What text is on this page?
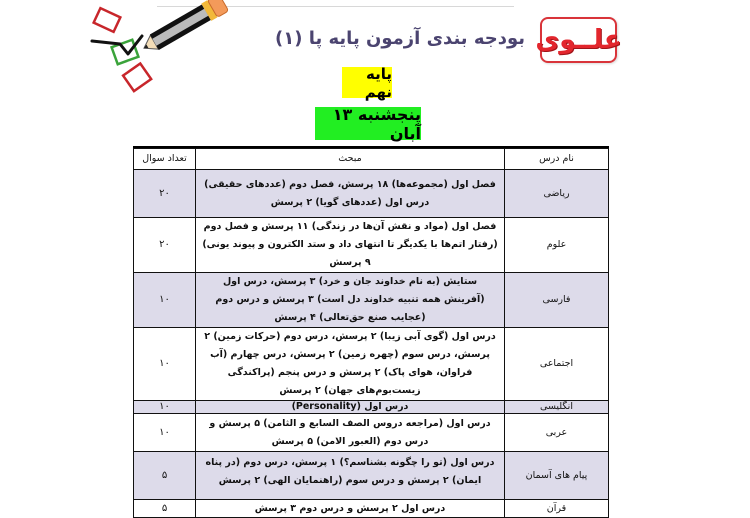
علــوی
بودجه بندی آزمون پایه پا (۱)
پایه نهم
پنجشنبه ۱۳ آبان
نام درس	مبحث	تعداد سوال
ریاضی	فصل اول (مجموعه‌ها) ۱۸ پرسش، فصل دوم (عددهای حقیقی) درس اول (عددهای گویا) ۲ پرسش	۲۰
علوم	فصل اول (مواد و نقش آن‌ها در زندگی) ۱۱ پرسش و فصل دوم (رفتار اتم‌ها با یکدیگر تا انتهای داد و ستد الکترون و پیوند یونی) ۹ پرسش	۲۰
فارسی	ستایش (به نام خداوند جان و خرد) ۳ پرسش، درس اول (آفرینش همه تنبیه خداوند دل است) ۳ پرسش و درس دوم (عجایب صنع حق‌تعالی) ۴ پرسش	۱۰
اجتماعی	درس اول (گوی آبی زیبا) ۲ پرسش، درس دوم (حرکات زمین) ۲ پرسش، درس سوم (چهره زمین) ۲ پرسش، درس چهارم (آب فراوان، هوای پاک) ۲ پرسش و درس پنجم (پراکندگی زیست‌بوم‌های جهان) ۲ پرسش	۱۰
انگلیسی	درس اول (Personality)	۱۰
عربی	درس اول (مراجعه دروس الصف السابع و الثامن) ۵ پرسش و درس دوم (العبور الامن) ۵ پرسش	۱۰
پیام های آسمان	درس اول (تو را چگونه بشناسم؟) ۱ پرسش، درس دوم (در پناه ایمان) ۲ پرسش و درس سوم (راهنمایان الهی) ۲ پرسش	۵
قرآن	درس اول ۲ پرسش و درس دوم ۳ پرسش	۵
